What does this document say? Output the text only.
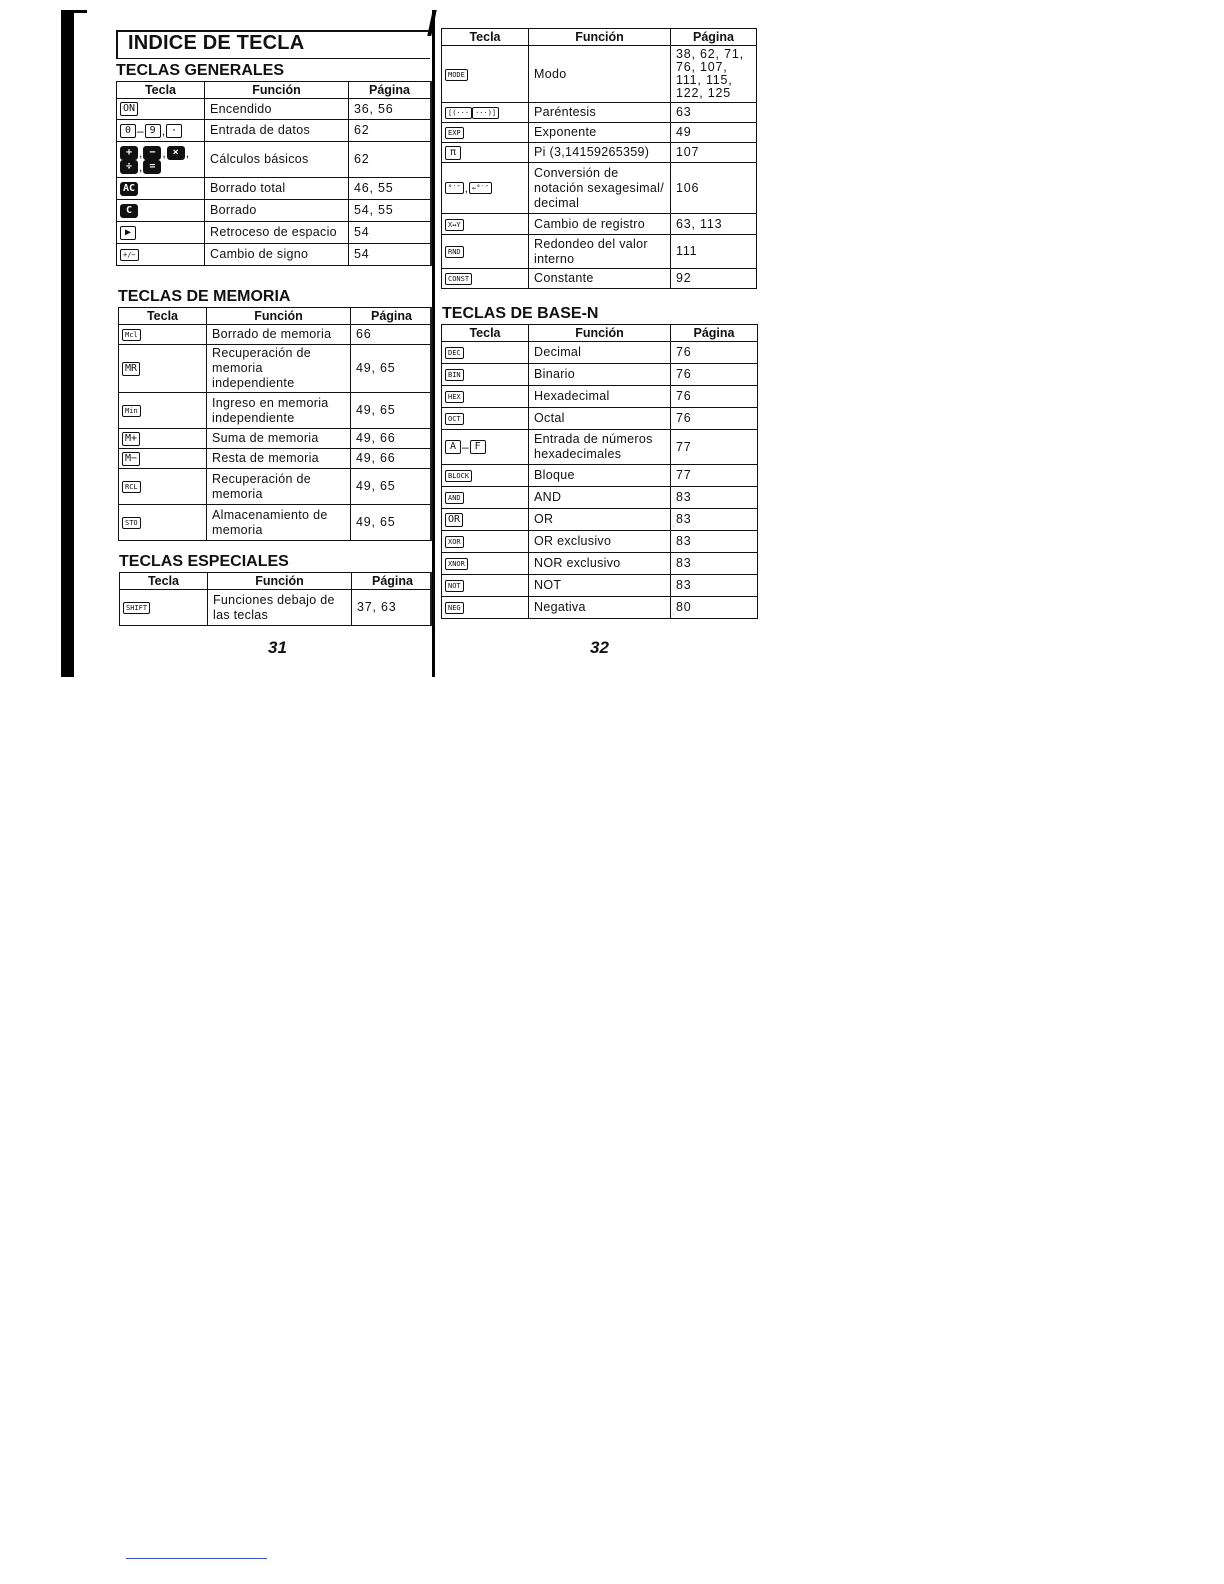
INDICE DE TECLA
TECLAS GENERALES
Tecla	Función	Página
ON	Encendido	36, 56
0 – 9 , ·	Entrada de datos	62
+ , − , × ,÷ , =	Cálculos básicos	62
AC	Borrado total	46, 55
C	Borrado	54, 55
▶	Retroceso de espacio	54
+/−	Cambio de signo	54
TECLAS DE MEMORIA
Tecla	Función	Página
Mcl	Borrado de memoria	66
MR	Recuperación de memoria independiente	49, 65
Min	Ingreso en memoria independiente	49, 65
M+	Suma de memoria	49, 66
M−	Resta de memoria	49, 66
RCL	Recuperación de memoria	49, 65
STO	Almacenamiento de memoria	49, 65
TECLAS ESPECIALES
Tecla	Función	Página
SHIFT	Funciones debajo de las teclas	37, 63
31
Tecla	Función	Página
MODE	Modo	38, 62, 71, 76, 107, 111, 115, 122, 125
[(··· ···)]	Paréntesis	63
EXP	Exponente	49
π	Pi (3,14159265359)	107
°′″ , ←°′″	Conversión de notación sexagesimal/ decimal	106
X↔Y	Cambio de registro	63, 113
RND	Redondeo del valor interno	111
CONST	Constante	92
TECLAS DE BASE-N
Tecla	Función	Página
DEC	Decimal	76
BIN	Binario	76
HEX	Hexadecimal	76
OCT	Octal	76
A – F	Entrada de números hexadecimales	77
BLOCK	Bloque	77
AND	AND	83
OR	OR	83
XOR	OR exclusivo	83
XNOR	NOR exclusivo	83
NOT	NOT	83
NEG	Negativa	80
32
